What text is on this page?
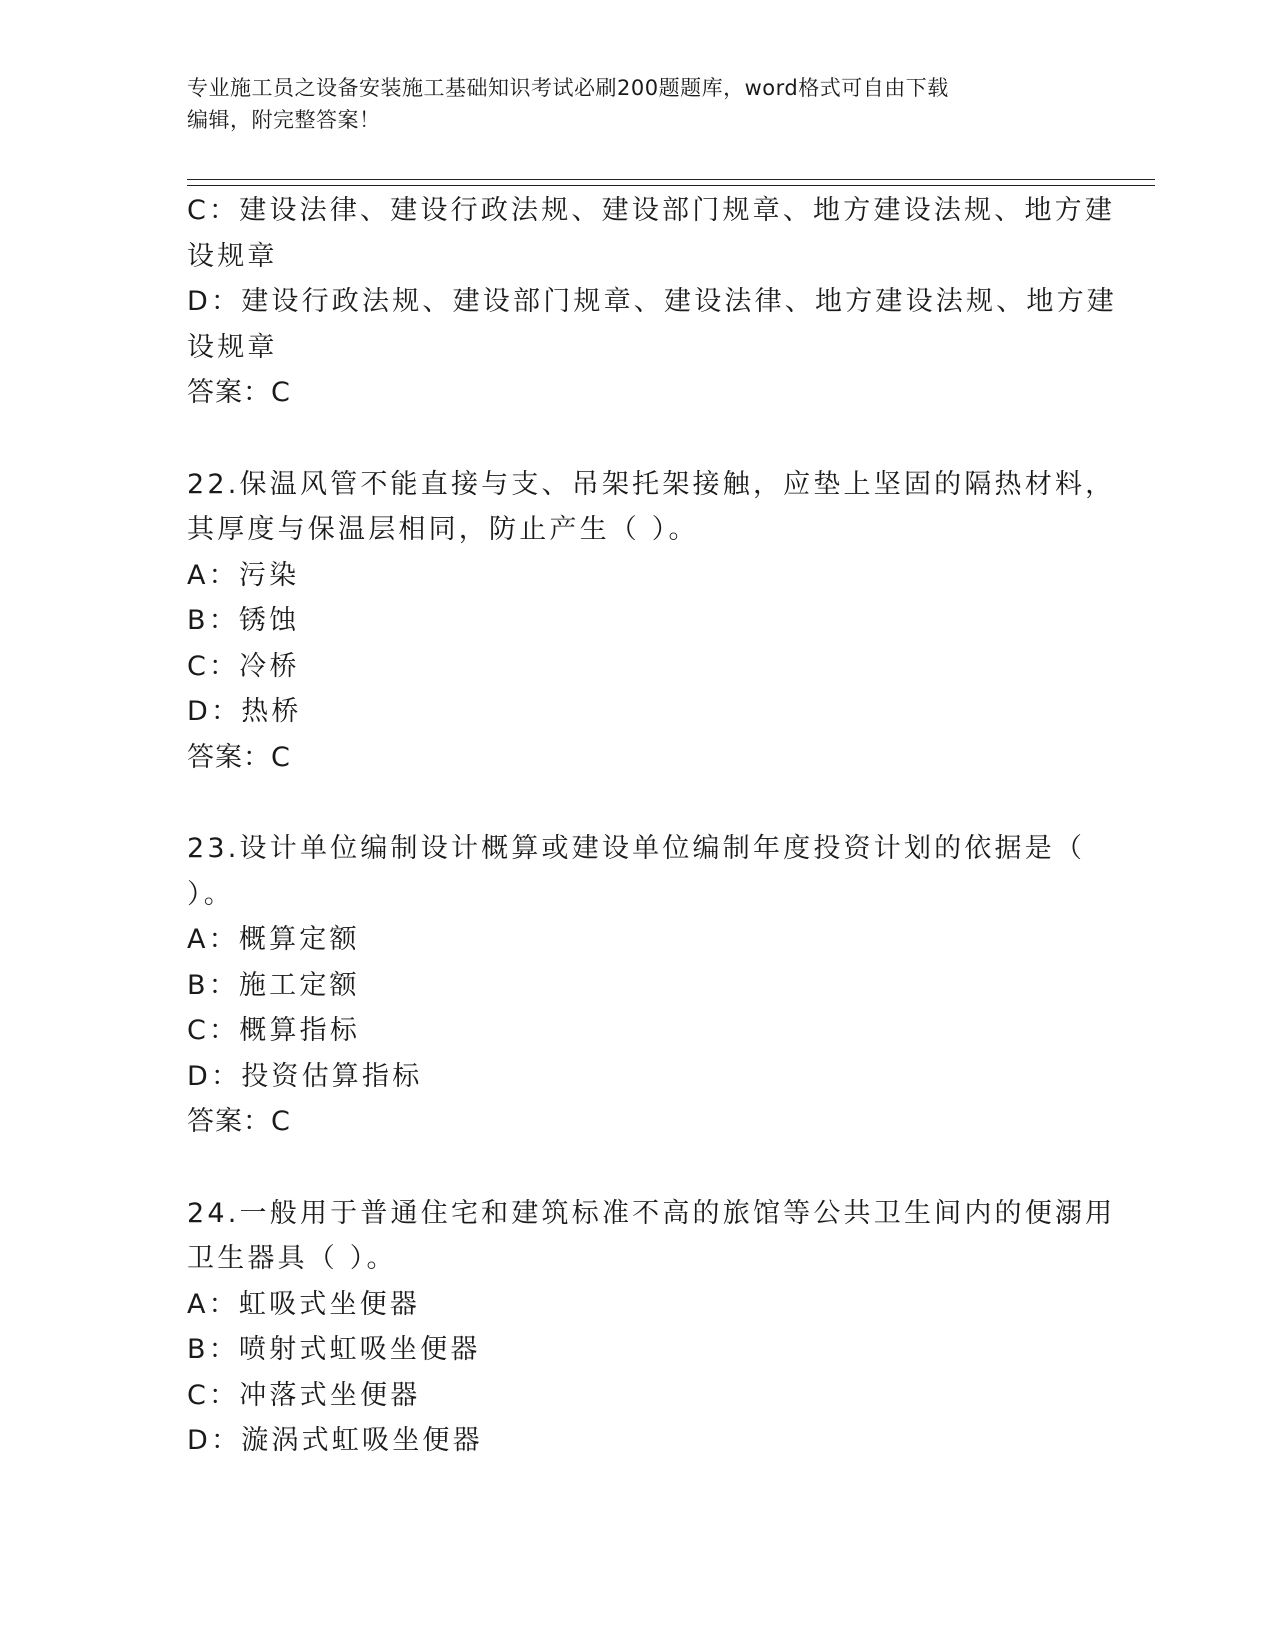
专业施工员之设备安装施工基础知识考试必刷200题题库，word格式可自由下载
编辑，附完整答案！
C：建设法律、建设行政法规、建设部门规章、地方建设法规、地方建
设规章
D：建设行政法规、建设部门规章、建设法律、地方建设法规、地方建
设规章
答案：C
22.保温风管不能直接与支、吊架托架接触，应垫上坚固的隔热材料，
其厚度与保温层相同，防止产生（ ）。
A：污染
B：锈蚀
C：冷桥
D：热桥
答案：C
23.设计单位编制设计概算或建设单位编制年度投资计划的依据是（
）。
A：概算定额
B：施工定额
C：概算指标
D：投资估算指标
答案：C
24.一般用于普通住宅和建筑标准不高的旅馆等公共卫生间内的便溺用
卫生器具（ ）。
A：虹吸式坐便器
B：喷射式虹吸坐便器
C：冲落式坐便器
D：漩涡式虹吸坐便器
